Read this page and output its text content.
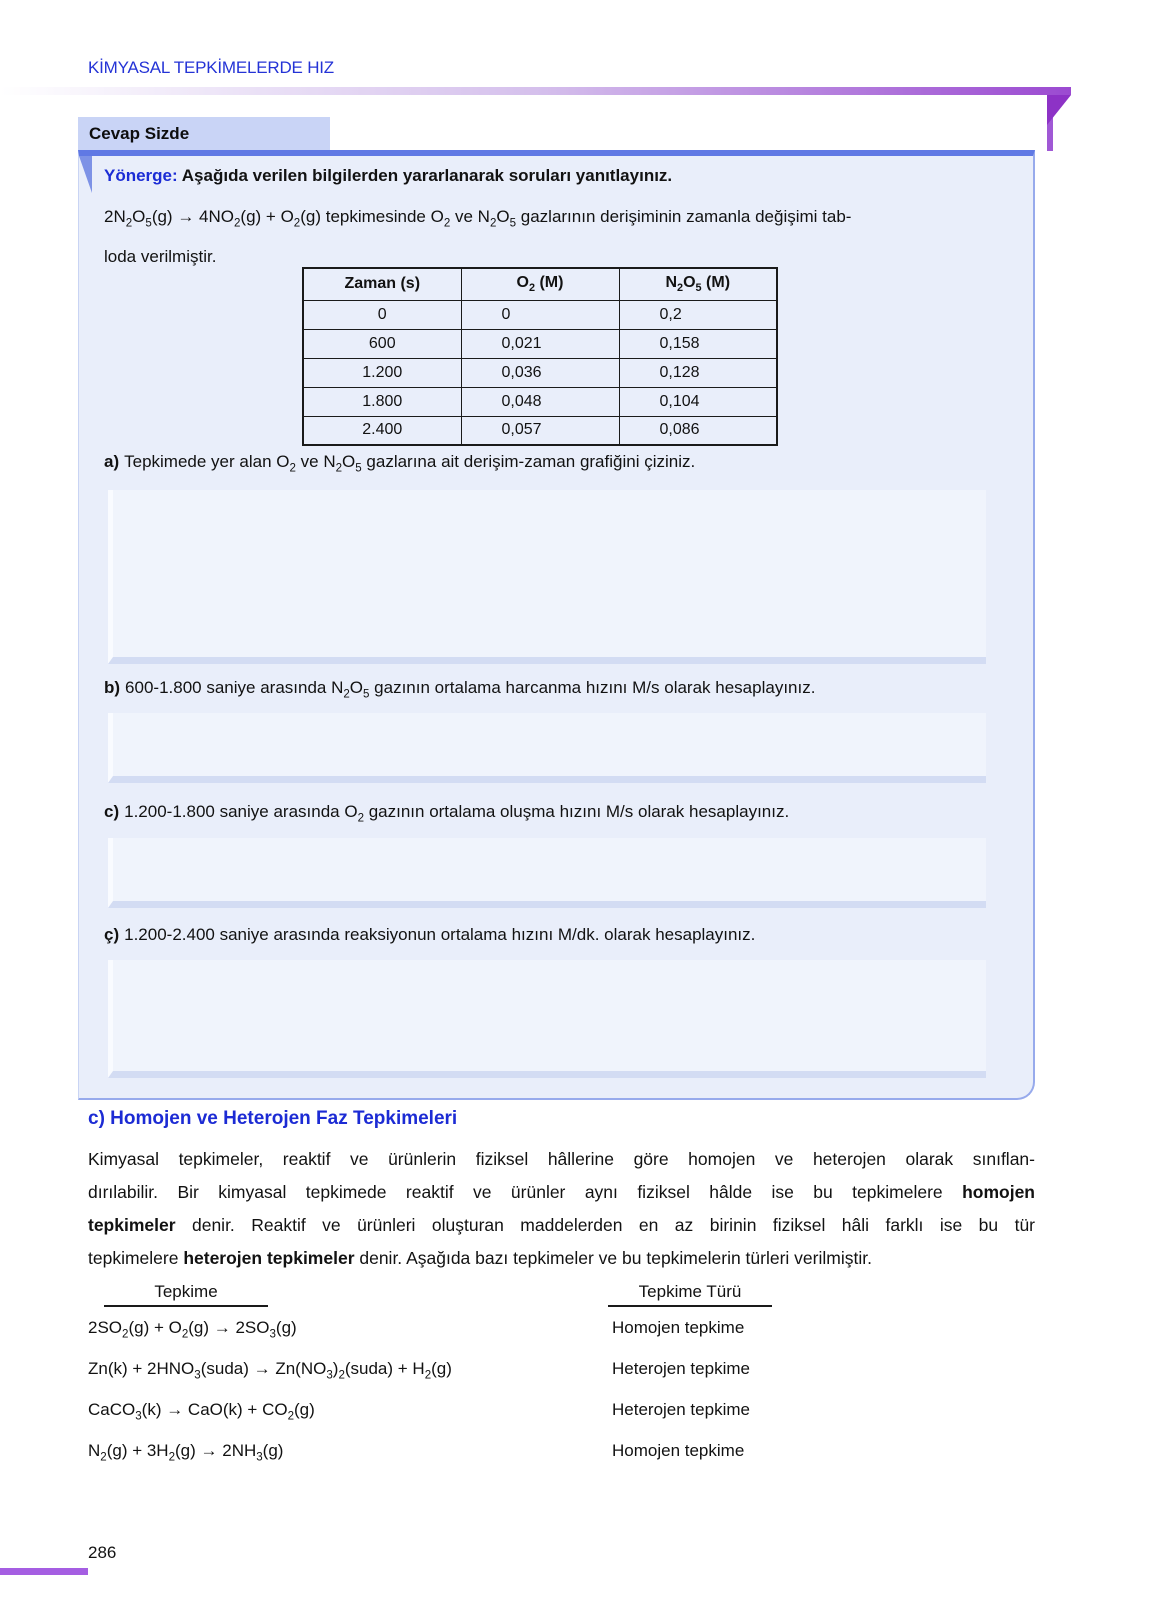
KİMYASAL TEPKİMELERDE HIZ
Cevap Sizde
Yönerge: Aşağıda verilen bilgilerden yararlanarak soruları yanıtlayınız.
$2N_2O_5(g) \to 4NO_2(g) + O_2(g)$ tepkimesinde $O_2$ ve $N_2O_5$ gazlarının derişiminin zamanla değişimi tab-
loda verilmiştir.
Zaman (s)	$O_2$ (M)	$N_2O_5$ (M)
0	0	0,2
600	0,021	0,158
1.200	0,036	0,128
1.800	0,048	0,104
2.400	0,057	0,086
a) Tepkimede yer alan $O_2$ ve $N_2O_5$ gazlarına ait derişim-zaman grafiğini çiziniz.
b) 600-1.800 saniye arasında $N_2O_5$ gazının ortalama harcanma hızını M/s olarak hesaplayınız.
c) 1.200-1.800 saniye arasında $O_2$ gazının ortalama oluşma hızını M/s olarak hesaplayınız.
ç) 1.200-2.400 saniye arasında reaksiyonun ortalama hızını M/dk. olarak hesaplayınız.
c) Homojen ve Heterojen Faz Tepkimeleri
Kimyasal tepkimeler, reaktif ve ürünlerin fiziksel hâllerine göre homojen ve heterojen olarak sınıflan-
dırılabilir. Bir kimyasal tepkimede reaktif ve ürünler aynı fiziksel hâlde ise bu tepkimelere homojen
tepkimeler denir. Reaktif ve ürünleri oluşturan maddelerden en az birinin fiziksel hâli farklı ise bu tür
tepkimelere heterojen tepkimeler denir. Aşağıda bazı tepkimeler ve bu tepkimelerin türleri verilmiştir.
Tepkime	Tepkime Türü
$2SO_2(g) + O_2(g) \to 2SO_3(g)$	Homojen tepkime
$Zn(k) + 2HNO_3(suda)$ → $Zn(NO_3)_2(suda) + H_2(g)$	Heterojen tepkime
CaCO$_3$(k) → $CaO(k) + CO_2(g)$	Heterojen tepkime
$N_2(g) + 3H_2(g) \to 2NH_3(g)$	Homojen tepkime
286
